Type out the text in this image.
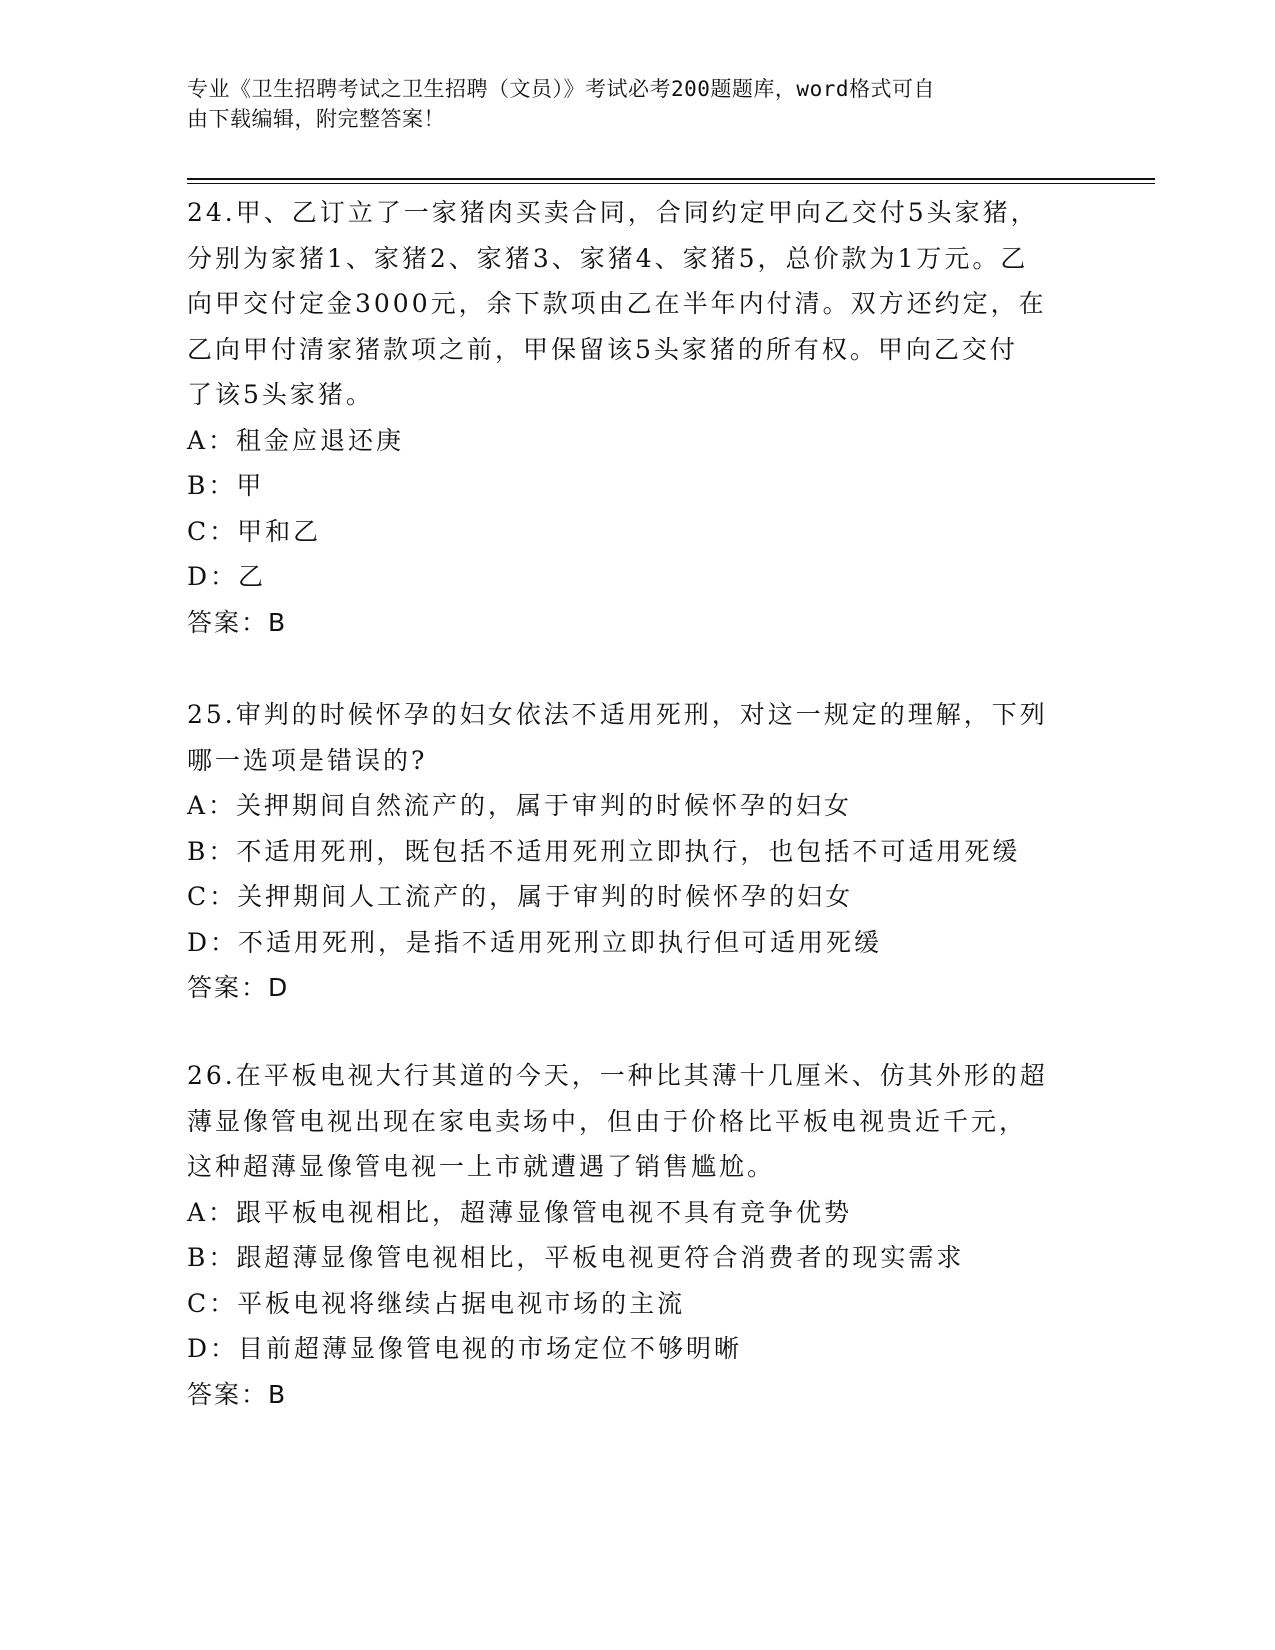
专业《卫生招聘考试之卫生招聘（文员）》考试必考200题题库，word格式可自
由下载编辑，附完整答案！

24.甲、乙订立了一家猪肉买卖合同，合同约定甲向乙交付5头家猪，

分别为家猪1、家猪2、家猪3、家猪4、家猪5，总价款为1万元。乙

向甲交付定金3000元，余下款项由乙在半年内付清。双方还约定，在

乙向甲付清家猪款项之前，甲保留该5头家猪的所有权。甲向乙交付

了该5头家猪。

A：租金应退还庚

B：甲

C：甲和乙

D：乙

答案：B

25.审判的时候怀孕的妇女依法不适用死刑，对这一规定的理解，下列

哪一选项是错误的?

A：关押期间自然流产的，属于审判的时候怀孕的妇女

B：不适用死刑，既包括不适用死刑立即执行，也包括不可适用死缓

C：关押期间人工流产的，属于审判的时候怀孕的妇女

D：不适用死刑，是指不适用死刑立即执行但可适用死缓

答案：D

26.在平板电视大行其道的今天，一种比其薄十几厘米、仿其外形的超

薄显像管电视出现在家电卖场中，但由于价格比平板电视贵近千元，

这种超薄显像管电视一上市就遭遇了销售尴尬。

A：跟平板电视相比，超薄显像管电视不具有竞争优势

B：跟超薄显像管电视相比，平板电视更符合消费者的现实需求

C：平板电视将继续占据电视市场的主流

D：目前超薄显像管电视的市场定位不够明晰

答案：B
